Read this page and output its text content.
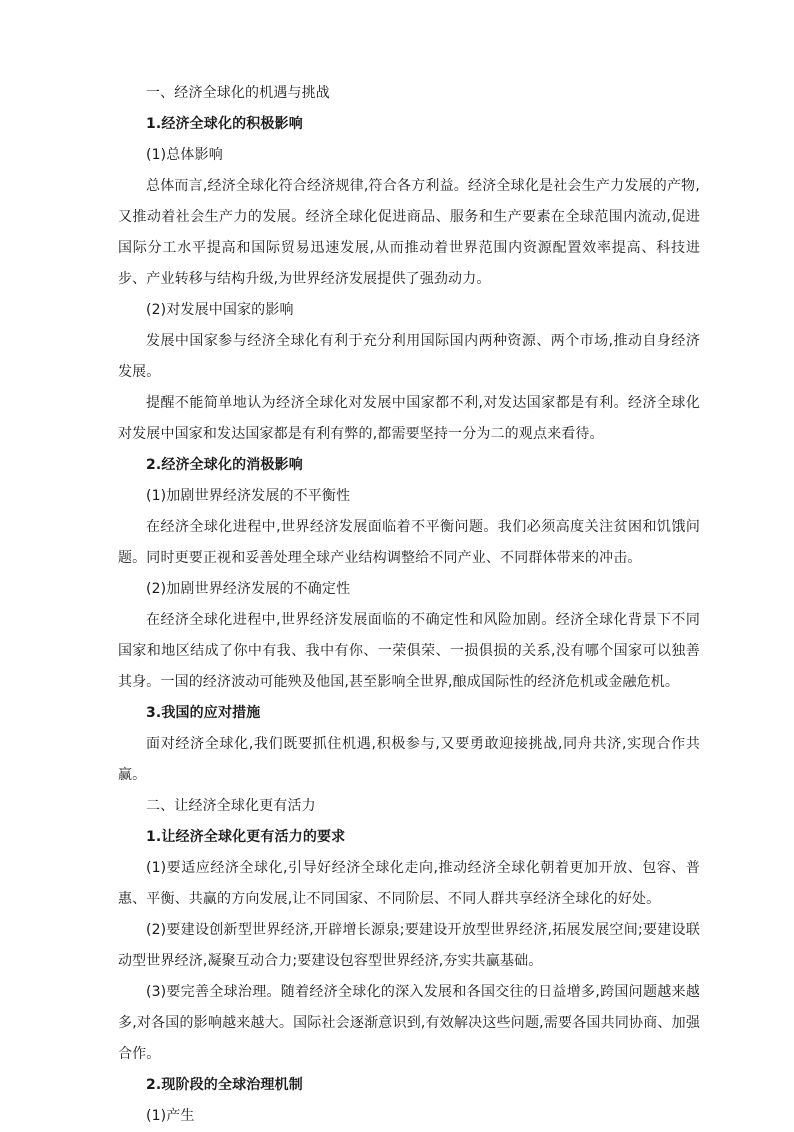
一、经济全球化的机遇与挑战

1.经济全球化的积极影响

(1)总体影响

总体而言,经济全球化符合经济规律,符合各方利益。经济全球化是社会生产力发展的产物,又推动着社会生产力的发展。经济全球化促进商品、服务和生产要素在全球范围内流动,促进国际分工水平提高和国际贸易迅速发展,从而推动着世界范围内资源配置效率提高、科技进步、产业转移与结构升级,为世界经济发展提供了强劲动力。

(2)对发展中国家的影响

发展中国家参与经济全球化有利于充分利用国际国内两种资源、两个市场,推动自身经济发展。

提醒不能简单地认为经济全球化对发展中国家都不利,对发达国家都是有利。经济全球化对发展中国家和发达国家都是有利有弊的,都需要坚持一分为二的观点来看待。

2.经济全球化的消极影响

(1)加剧世界经济发展的不平衡性

在经济全球化进程中,世界经济发展面临着不平衡问题。我们必须高度关注贫困和饥饿问题。同时更要正视和妥善处理全球产业结构调整给不同产业、不同群体带来的冲击。

(2)加剧世界经济发展的不确定性

在经济全球化进程中,世界经济发展面临的不确定性和风险加剧。经济全球化背景下不同国家和地区结成了你中有我、我中有你、一荣俱荣、一损俱损的关系,没有哪个国家可以独善其身。一国的经济波动可能殃及他国,甚至影响全世界,酿成国际性的经济危机或金融危机。

3.我国的应对措施

面对经济全球化,我们既要抓住机遇,积极参与,又要勇敢迎接挑战,同舟共济,实现合作共赢。

二、让经济全球化更有活力

1.让经济全球化更有活力的要求

(1)要适应经济全球化,引导好经济全球化走向,推动经济全球化朝着更加开放、包容、普惠、平衡、共赢的方向发展,让不同国家、不同阶层、不同人群共享经济全球化的好处。

(2)要建设创新型世界经济,开辟增长源泉;要建设开放型世界经济,拓展发展空间;要建设联动型世界经济,凝聚互动合力;要建设包容型世界经济,夯实共赢基础。

(3)要完善全球治理。随着经济全球化的深入发展和各国交往的日益增多,跨国问题越来越多,对各国的影响越来越大。国际社会逐渐意识到,有效解决这些问题,需要各国共同协商、加强合作。

2.现阶段的全球治理机制

(1)产生
